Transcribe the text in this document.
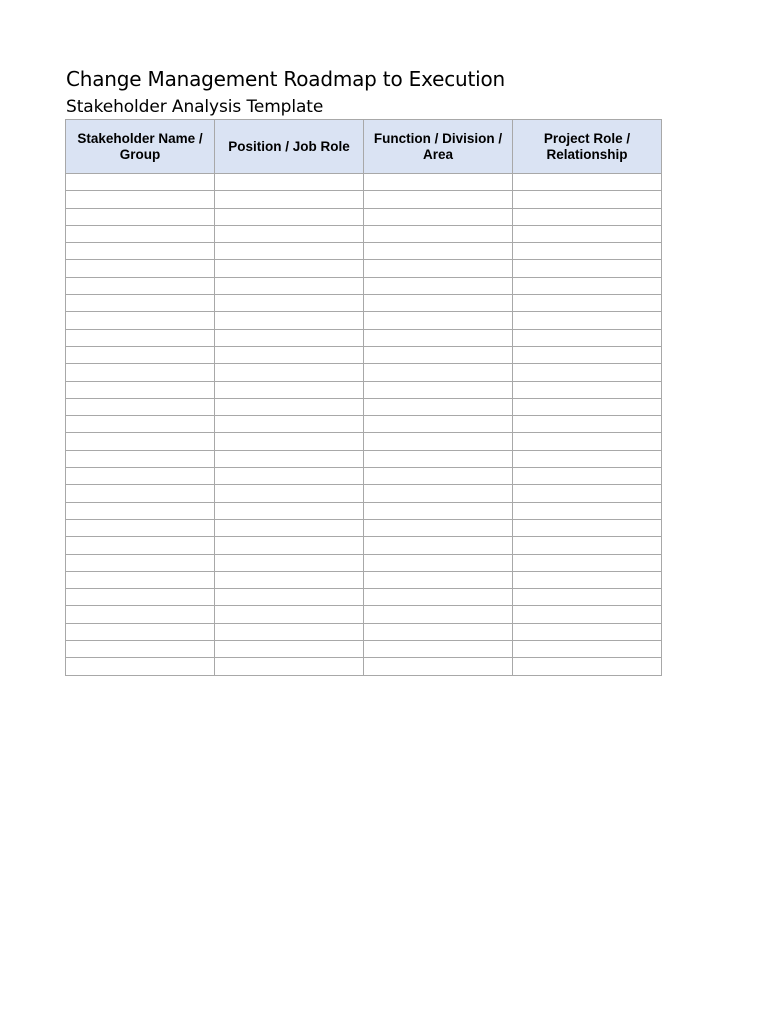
Change Management Roadmap to Execution
Stakeholder Analysis Template
Stakeholder Name / Group	Position / Job Role	Function / Division / Area	Project Role / Relationship
